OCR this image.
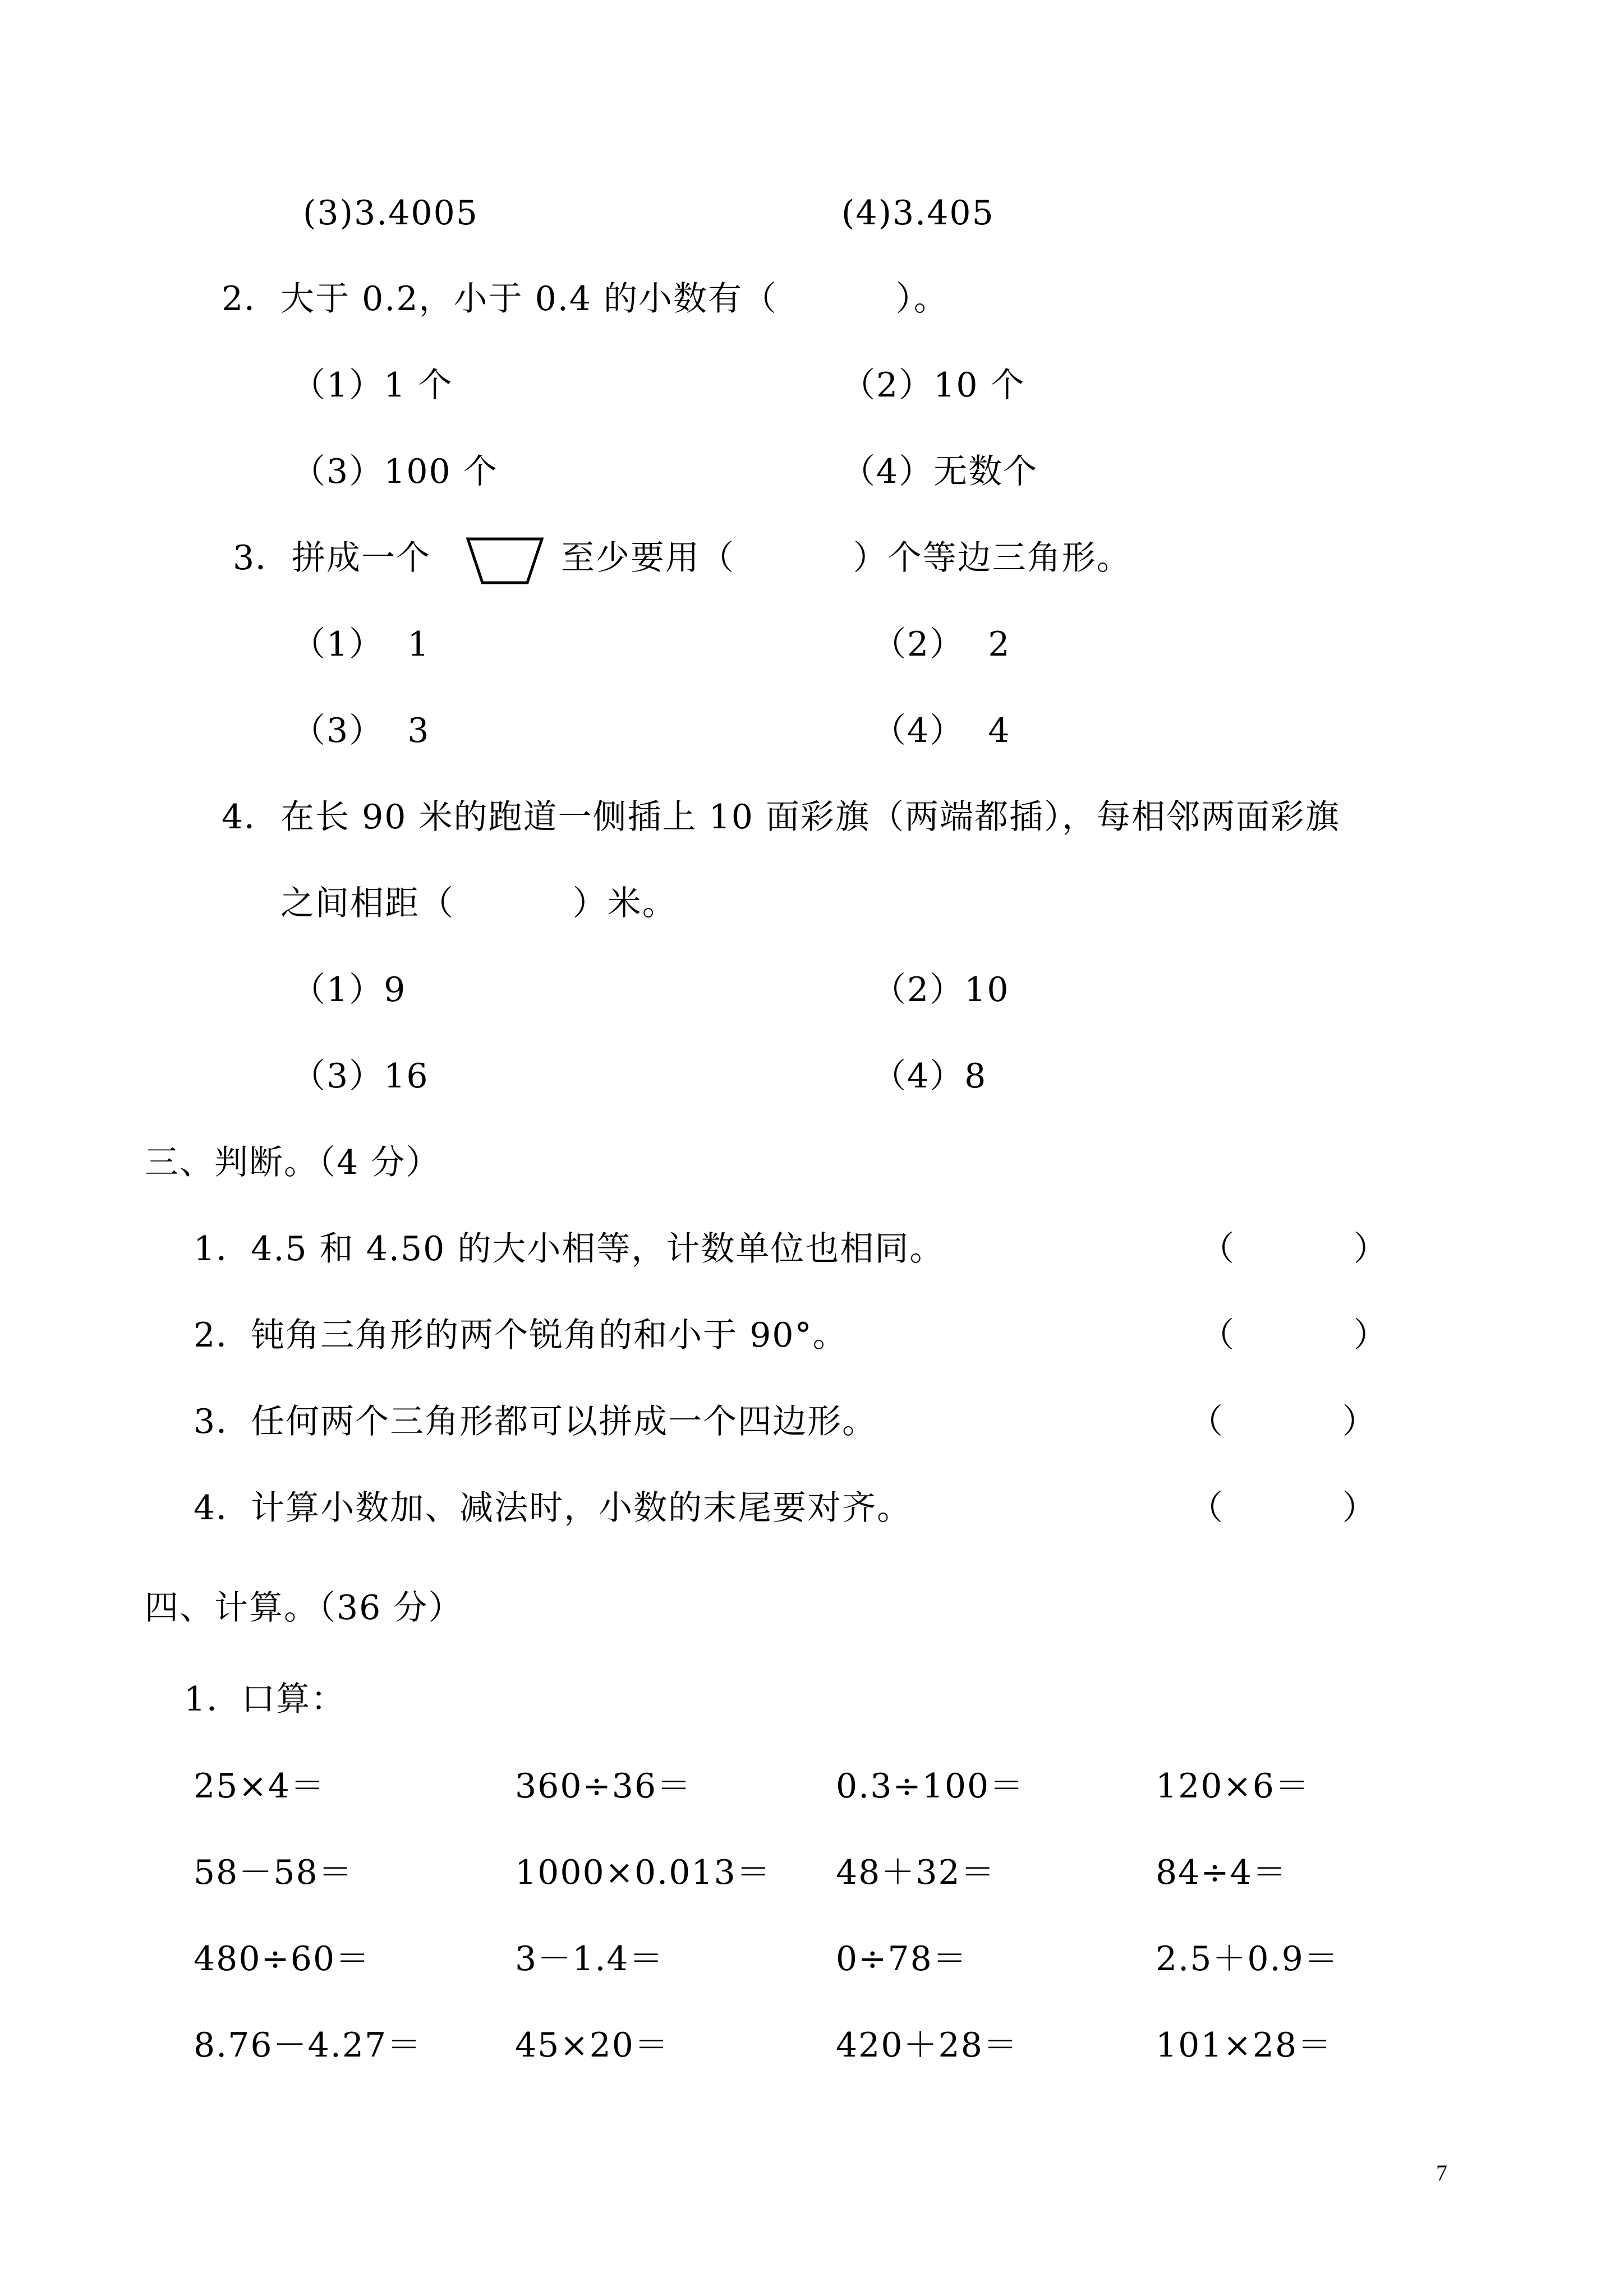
(3)3.4005	(4)3.405
2． 大于 0.2，小于 0.4 的小数有（          ）。
（1）1 个	（2）10 个
（3）100 个	（4）无数个
3． 拼成一个	至少要用（          ）个等边三角形。
（1）  1	（2）  2
（3）  3	（4）  4
4． 在长 90 米的跑道一侧插上 10 面彩旗（两端都插），每相邻两面彩旗
之间相距（          ）米。
（1）9	（2）10
（3）16	（4）8
三、判断。（4 分）
1．4.5 和 4.50 的大小相等，计数单位也相同。	（          ）
2．钝角三角形的两个锐角的和小于 90°。	（          ）
3．任何两个三角形都可以拼成一个四边形。	（          ）
4．计算小数加、减法时，小数的末尾要对齐。	（          ）
四、计算。（36 分）
1．口算：
25×4＝	360÷36＝	0.3÷100＝	120×6＝
58－58＝	1000×0.013＝ 48＋32＝	84÷4＝
480÷60＝	3－1.4＝	0÷78＝	2.5＋0.9＝
8.76－4.27＝	45×20＝	420＋28＝	101×28＝
7
